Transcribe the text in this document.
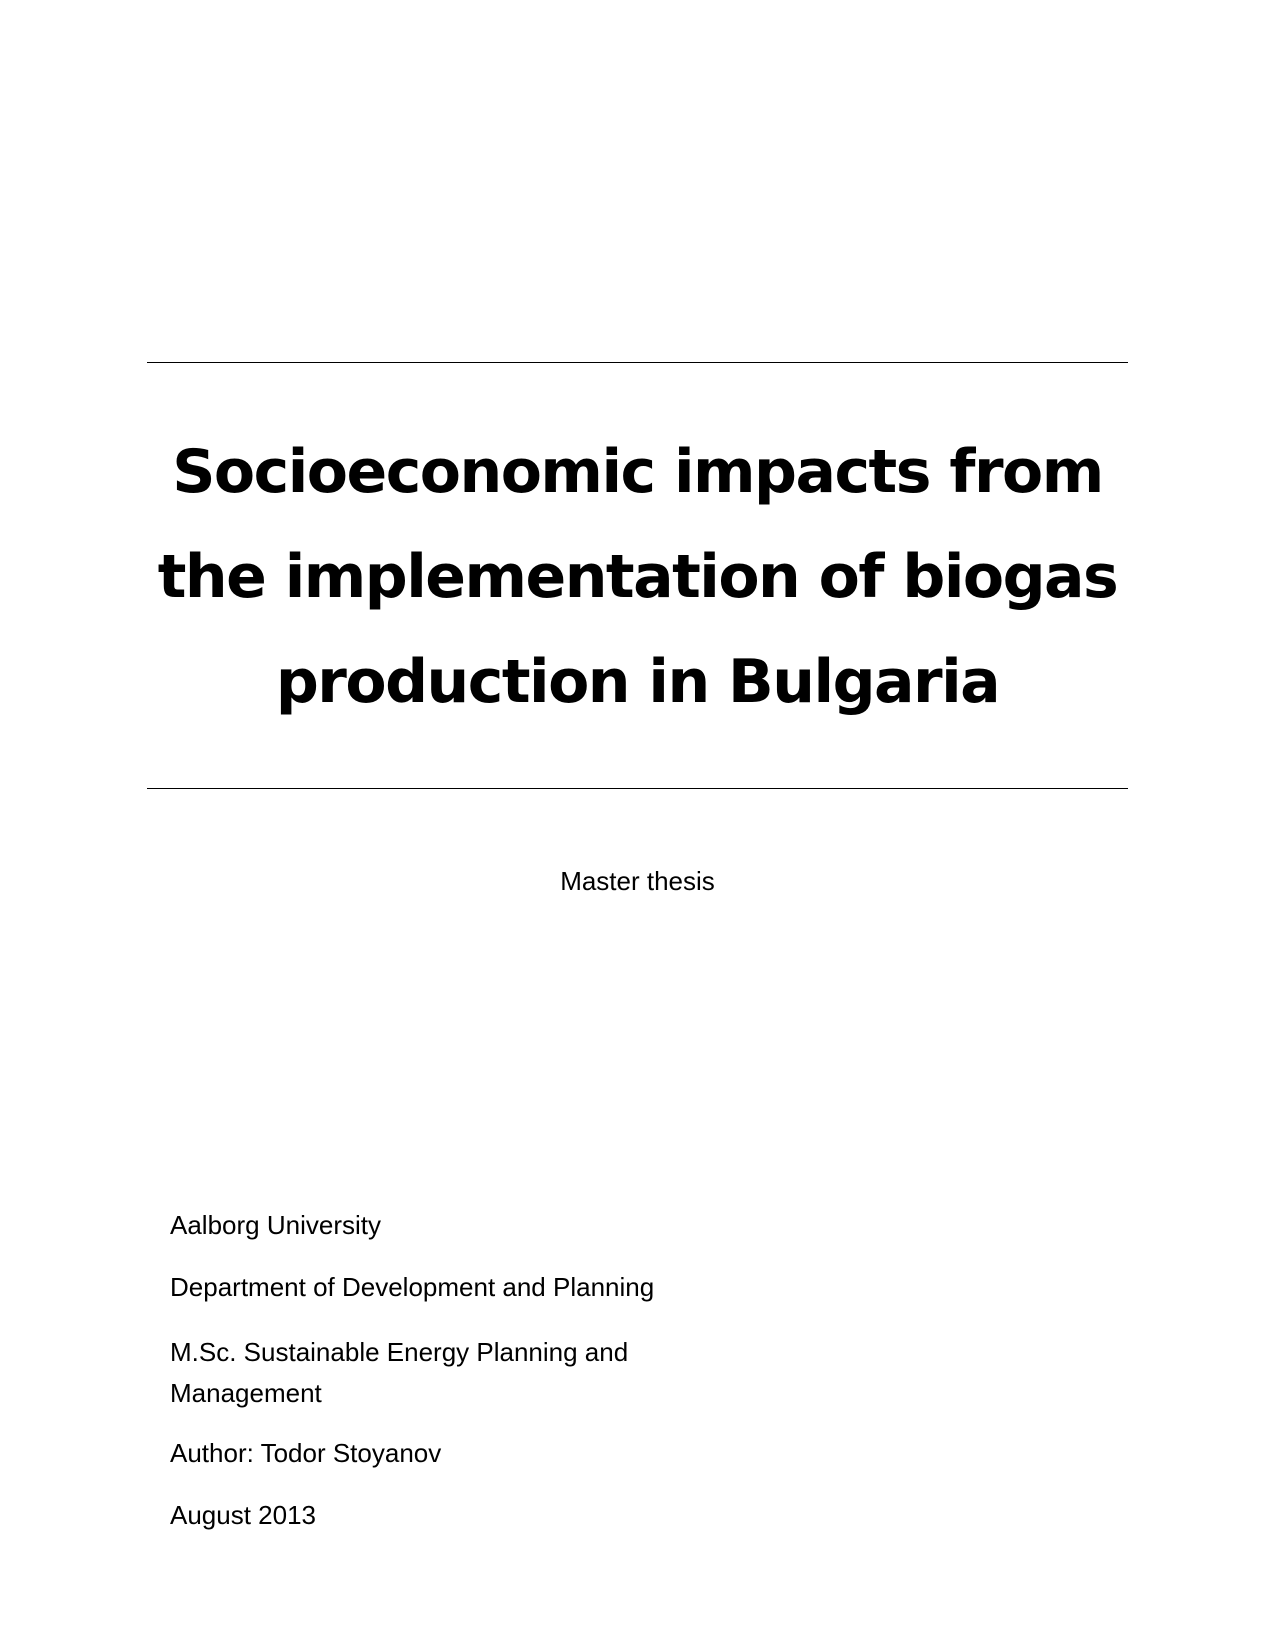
Socioeconomic impacts from
the implementation of biogas
production in Bulgaria
Master thesis
Aalborg University
Department of Development and Planning
M.Sc. Sustainable Energy Planning and Management
Author: Todor Stoyanov
August 2013
